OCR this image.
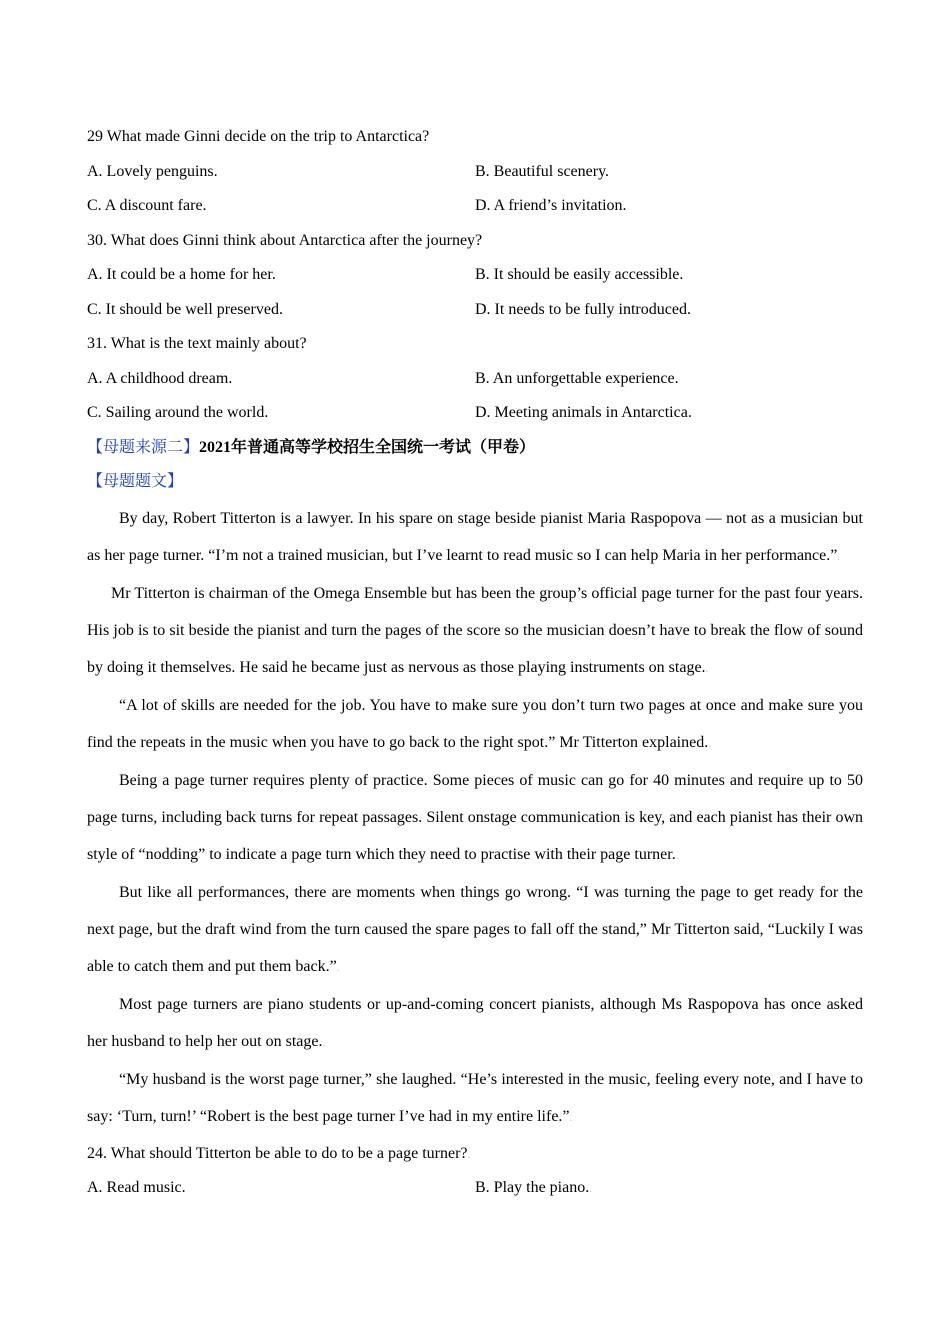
29 What made Ginni decide on the trip to Antarctica?
A. Lovely penguins.	B. Beautiful scenery.
C. A discount fare.	D. A friend’s invitation.
30. What does Ginni think about Antarctica after the journey?
A. It could be a home for her.	B. It should be easily accessible.
C. It should be well preserved.	D. It needs to be fully introduced.
31. What is the text mainly about?
A. A childhood dream.	B. An unforgettable experience.
C. Sailing around the world.	D. Meeting animals in Antarctica.
【母题来源二】2021年普通高等学校招生全国统一考试（甲卷）
【母题题文】

By day, Robert Titterton is a lawyer. In his spare on stage beside pianist Maria Raspopova — not as a musician but as her page turner. “I’m not a trained musician, but I’ve learnt to read music so I can help Maria in her performance.”.

Mr Titterton is chairman of the Omega Ensemble but has been the group’s official page turner for the past four years. His job is to sit beside the pianist and turn the pages of the score so the musician doesn’t have to break the flow of sound by doing it themselves. He said he became just as nervous as those playing instruments on stage..

“A lot of skills are needed for the job. You have to make sure you don’t turn two pages at once and make sure you find the repeats in the music when you have to go back to the right spot.” Mr Titterton explained..

Being a page turner requires plenty of practice. Some pieces of music can go for 40 minutes and require up to 50 page turns, including back turns for repeat passages. Silent onstage communication is key, and each pianist has their own style of “nodding” to indicate a page turn which they need to practise with their page turner..

But like all performances, there are moments when things go wrong. “I was turning the page to get ready for the next page, but the draft wind from the turn caused the spare pages to fall off the stand,” Mr Titterton said, “Luckily I was able to catch them and put them back.”.

Most page turners are piano students or up-and-coming concert pianists, although Ms Raspopova has once asked her husband to help her out on stage..

“My husband is the worst page turner,” she laughed. “He’s interested in the music, feeling every note, and I have to say: ‘Turn, turn!’ “Robert is the best page turner I’ve had in my entire life.”.

24. What should Titterton be able to do to be a page turner?.
A. Read music.	B. Play the piano..
